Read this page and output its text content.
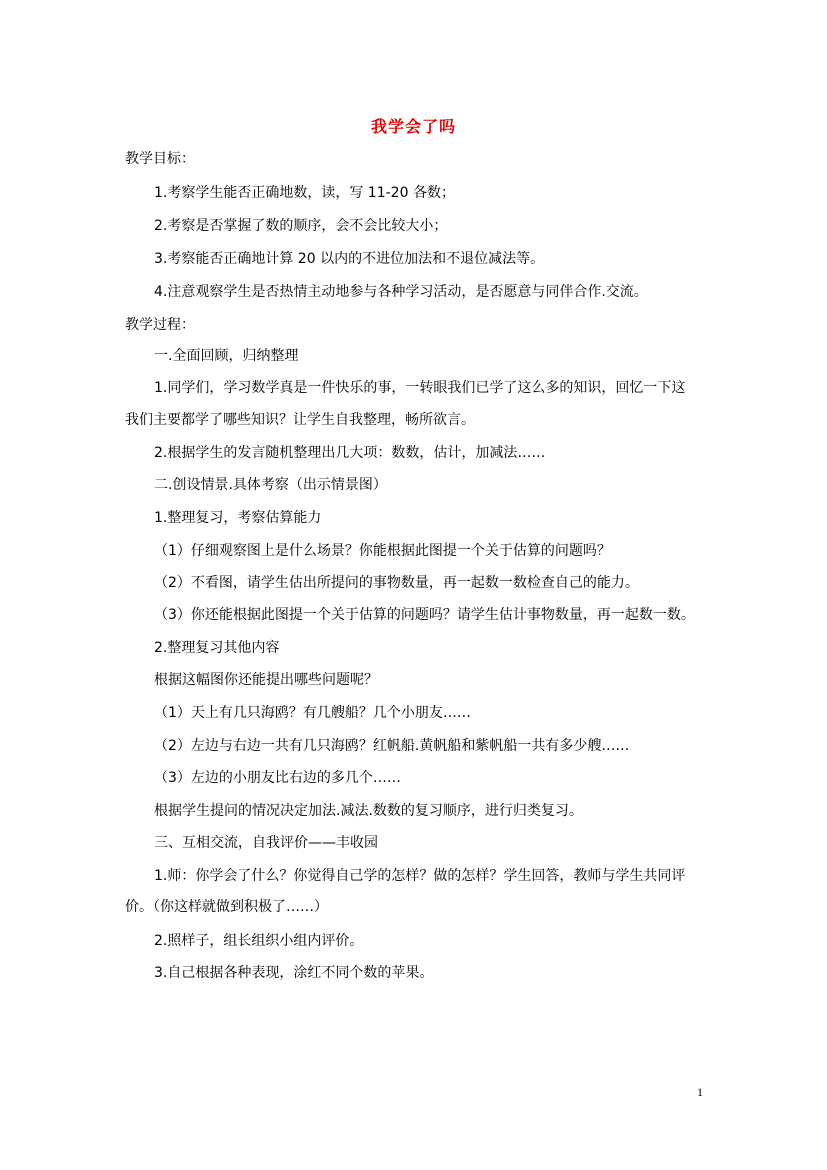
我学会了吗
教学目标：
1.考察学生能否正确地数，读，写 11-20 各数；
2.考察是否掌握了数的顺序，会不会比较大小；
3.考察能否正确地计算 20 以内的不进位加法和不退位减法等。
4.注意观察学生是否热情主动地参与各种学习活动，是否愿意与同伴合作.交流。
教学过程：
一.全面回顾，归纳整理
1.同学们，学习数学真是一件快乐的事，一转眼我们已学了这么多的知识，回忆一下这
我们主要都学了哪些知识？让学生自我整理，畅所欲言。
2.根据学生的发言随机整理出几大项：数数，估计，加减法……
二.创设情景.具体考察（出示情景图）
1.整理复习，考察估算能力
（1）仔细观察图上是什么场景？你能根据此图提一个关于估算的问题吗？
（2）不看图，请学生估出所提问的事物数量，再一起数一数检查自己的能力。
（3）你还能根据此图提一个关于估算的问题吗？请学生估计事物数量，再一起数一数。
2.整理复习其他内容
根据这幅图你还能提出哪些问题呢？
（1）天上有几只海鸥？有几艘船？几个小朋友……
（2）左边与右边一共有几只海鸥？红帆船.黄帆船和紫帆船一共有多少艘……
（3）左边的小朋友比右边的多几个……
根据学生提问的情况决定加法.减法.数数的复习顺序，进行归类复习。
三、互相交流，自我评价——丰收园
1.师：你学会了什么？你觉得自己学的怎样？做的怎样？学生回答，教师与学生共同评
价。（你这样就做到积极了……）
2.照样子，组长组织小组内评价。
3.自己根据各种表现，涂红不同个数的苹果。
1
